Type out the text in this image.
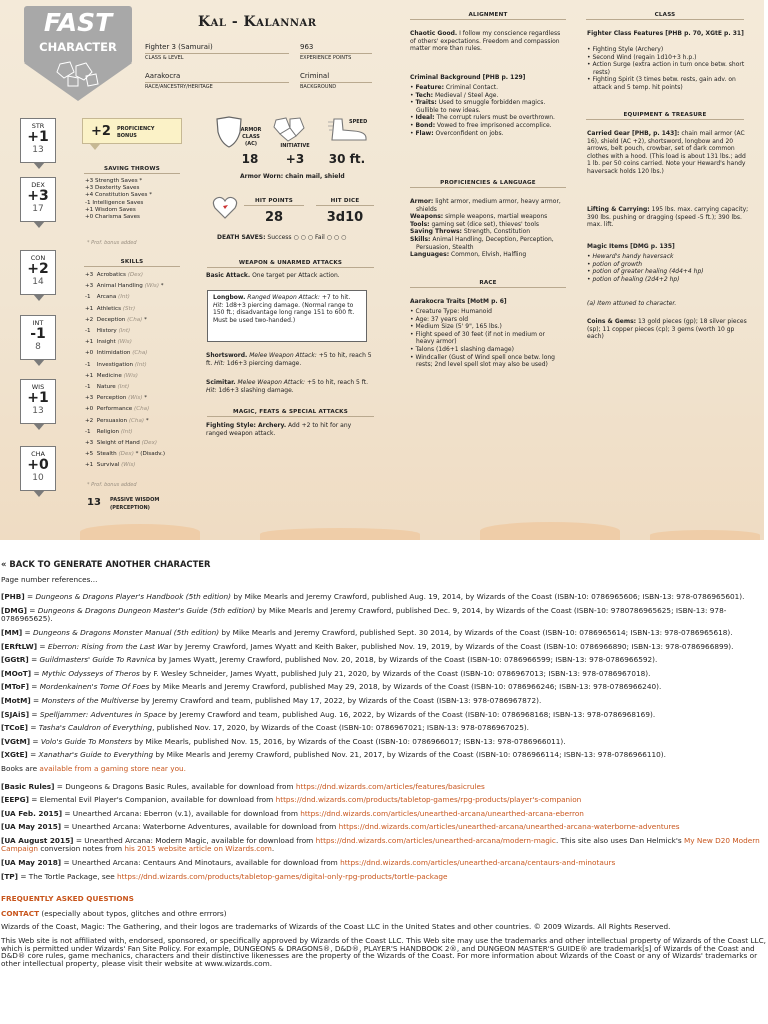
FAST
CHARACTER
Kal - Kalannar
Fighter 3 (Samurai)
CLASS & LEVEL
963
EXPERIENCE POINTS
Aarakocra
RACE/ANCESTRY/HERITAGE
Criminal
BACKGROUND
STR
+1
13
DEX
+3
17
CON
+2
14
INT
-1
8
WIS
+1
13
CHA
+0
10
+2 PROFICIENCY
BONUS
SAVING THROWS
+3 Strength Saves *
+3 Dexterity Saves
+4 Constitution Saves *
-1 Intelligence Saves
+1 Wisdom Saves
+0 Charisma Saves
* Prof. bonus added
SKILLS
+3 Acrobatics (Dex)
+3 Animal Handling (Wis) *
-1 Arcana (Int)
+1 Athletics (Str)
+2 Deception (Cha) *
-1 History (Int)
+1 Insight (Wis)
+0 Intimidation (Cha)
-1 Investigation (Int)
+1 Medicine (Wis)
-1 Nature (Int)
+3 Perception (Wis) *
+0 Performance (Cha)
+2 Persuasion (Cha) *
-1 Religion (Int)
+3 Sleight of Hand (Dex)
+5 Stealth (Dex) * (Disadv.)
+1 Survival (Wis)
* Prof. bonus added
13 PASSIVE WISDOM
(PERCEPTION)
ARMOR
CLASS
(AC)
18
INITIATIVE
+3
SPEED
30 ft.
Armor Worn: chain mail, shield
HIT POINTS
28
HIT DICE
3d10
DEATH SAVES: Success ○ ○ ○ Fail ○ ○ ○
WEAPON & UNARMED ATTACKS
Basic Attack. One target per Attack action.
Longbow. Ranged Weapon Attack: +7 to hit. Hit: 1d8+3 piercing damage. (Normal range to 150 ft.; disadvantage long range 151 to 600 ft. Must be used two-handed.)
Shortsword. Melee Weapon Attack: +5 to hit, reach 5 ft. Hit: 1d6+3 piercing damage.
Scimitar. Melee Weapon Attack: +5 to hit, reach 5 ft. Hit: 1d6+3 slashing damage.
MAGIC, FEATS & SPECIAL ATTACKS
Fighting Style: Archery. Add +2 to hit for any ranged weapon attack.
ALIGNMENT
Chaotic Good. I follow my conscience regardless of others' expectations. Freedom and compassion matter more than rules.
Criminal Background [PHB p. 129]
• Feature: Criminal Contact.
• Tech: Medieval / Steel Age.
• Traits: Used to smuggle forbidden magics. Gullible to new ideas.
• Ideal: The corrupt rulers must be overthrown.
• Bond: Vowed to free imprisoned accomplice.
• Flaw: Overconfident on jobs.
PROFICIENCIES & LANGUAGE
Armor: light armor, medium armor, heavy armor, shields
Weapons: simple weapons, martial weapons
Tools: gaming set (dice set), thieves' tools
Saving Throws: Strength, Constitution
Skills: Animal Handling, Deception, Perception, Persuasion, Stealth
Languages: Common, Elvish, Halfling
RACE
Aarakocra Traits [MotM p. 6]
• Creature Type: Humanoid
• Age: 37 years old
• Medium Size (5' 9", 165 lbs.)
• Flight speed of 30 feet (if not in medium or heavy armor)
• Talons (1d6+1 slashing damage)
• Windcaller (Gust of Wind spell once betw. long rests; 2nd level spell slot may also be used)
CLASS
Fighter Class Features [PHB p. 70, XGtE p. 31]
• Fighting Style (Archery)
• Second Wind (regain 1d10+3 h.p.)
• Action Surge (extra action in turn once betw. short rests)
• Fighting Spirit (3 times betw. rests, gain adv. on attack and 5 temp. hit points)
EQUIPMENT & TREASURE
Carried Gear [PHB, p. 143]: chain mail armor (AC 16), shield (AC +2), shortsword, longbow and 20 arrows, belt pouch, crowbar, set of dark common clothes with a hood. (This load is about 131 lbs.; add 1 lb. per 50 coins carried. Note your Heward's handy haversack holds 120 lbs.)
Lifting & Carrying: 195 lbs. max. carrying capacity; 390 lbs. pushing or dragging (speed -5 ft.); 390 lbs. max. lift.
Magic Items [DMG p. 135]
• Heward's handy haversack
• potion of growth
• potion of greater healing (4d4+4 hp)
• potion of healing (2d4+2 hp)
(a) Item attuned to character.
Coins & Gems: 13 gold pieces (gp); 18 silver pieces (sp); 11 copper pieces (cp); 3 gems (worth 10 gp each)
« BACK TO GENERATE ANOTHER CHARACTER
Page number references...
[PHB] = Dungeons & Dragons Player's Handbook (5th edition) by Mike Mearls and Jeremy Crawford, published Aug. 19, 2014, by Wizards of the Coast (ISBN-10: 0786965606; ISBN-13: 978-0786965601).
[DMG] = Dungeons & Dragons Dungeon Master's Guide (5th edition) by Mike Mearls and Jeremy Crawford, published Dec. 9, 2014, by Wizards of the Coast (ISBN-10: 9780786965625; ISBN-13: 978-0786965625).
[MM] = Dungeons & Dragons Monster Manual (5th edition) by Mike Mearls and Jeremy Crawford, published Sept. 30 2014, by Wizards of the Coast (ISBN-10: 0786965614; ISBN-13: 978-0786965618).
[ERftLW] = Eberron: Rising from the Last War by Jeremy Crawford, James Wyatt and Keith Baker, published Nov. 19, 2019, by Wizards of the Coast (ISBN-10: 0786966890; ISBN-13: 978-0786966899).
[GGtR] = Guildmasters' Guide To Ravnica by James Wyatt, Jeremy Crawford, published Nov. 20, 2018, by Wizards of the Coast (ISBN-10: 0786966599; ISBN-13: 978-0786966592).
[MOoT] = Mythic Odysseys of Theros by F. Wesley Schneider, James Wyatt, published July 21, 2020, by Wizards of the Coast (ISBN-10: 0786967013; ISBN-13: 978-0786967018).
[MToF] = Mordenkainen's Tome Of Foes by Mike Mearls and Jeremy Crawford, published May 29, 2018, by Wizards of the Coast (ISBN-10: 0786966246; ISBN-13: 978-0786966240).
[MotM] = Monsters of the Multiverse by Jeremy Crawford and team, published May 17, 2022, by Wizards of the Coast (ISBN-13: 978-0786967872).
[SJAiS] = Spelljammer: Adventures in Space by Jeremy Crawford and team, published Aug. 16, 2022, by Wizards of the Coast (ISBN-10: 0786968168; ISBN-13: 978-0786968169).
[TCoE] = Tasha's Cauldron of Everything, published Nov. 17, 2020, by Wizards of the Coast (ISBN-10: 0786967021; ISBN-13: 978-0786967025).
[VGtM] = Volo's Guide To Monsters by Mike Mearls, published Nov. 15, 2016, by Wizards of the Coast (ISBN-10: 0786966017; ISBN-13: 978-0786966011).
[XGtE] = Xanathar's Guide to Everything by Mike Mearls and Jeremy Crawford, published Nov. 21, 2017, by Wizards of the Coast (ISBN-10: 0786966114; ISBN-13: 978-0786966110).
Books are available from a gaming store near you.
[Basic Rules] = Dungeons & Dragons Basic Rules, available for download from https://dnd.wizards.com/articles/features/basicrules
[EEPG] = Elemental Evil Player's Companion, available for download from https://dnd.wizards.com/products/tabletop-games/rpg-products/player's-companion
[UA Feb. 2015] = Unearthed Arcana: Eberron (v.1), available for download from https://dnd.wizards.com/articles/unearthed-arcana/unearthed-arcana-eberron
[UA May 2015] = Unearthed Arcana: Waterborne Adventures, available for download from https://dnd.wizards.com/articles/unearthed-arcana/unearthed-arcana-waterborne-adventures
[UA August 2015] = Unearthed Arcana: Modern Magic, available for download from https://dnd.wizards.com/articles/unearthed-arcana/modern-magic. This site also uses Dan Helmick's My New D20 Modern Campaign conversion notes from his 2015 website article on Wizards.com.
[UA May 2018] = Unearthed Arcana: Centaurs And Minotaurs, available for download from https://dnd.wizards.com/articles/unearthed-arcana/centaurs-and-minotaurs
[TP] = The Tortle Package, see https://dnd.wizards.com/products/tabletop-games/digital-only-rpg-products/tortle-package
FREQUENTLY ASKED QUESTIONS
CONTACT (especially about typos, glitches and othre errrors)
Wizards of the Coast, Magic: The Gathering, and their logos are trademarks of Wizards of the Coast LLC in the United States and other countries. © 2009 Wizards. All Rights Reserved.
This Web site is not affiliated with, endorsed, sponsored, or specifically approved by Wizards of the Coast LLC. This Web site may use the trademarks and other intellectual property of Wizards of the Coast LLC, which is permitted under Wizards' Fan Site Policy. For example, DUNGEONS & DRAGONS®, D&D®, PLAYER'S HANDBOOK 2®, and DUNGEON MASTER'S GUIDE® are trademark[s] of Wizards of the Coast and D&D® core rules, game mechanics, characters and their distinctive likenesses are the property of the Wizards of the Coast. For more information about Wizards of the Coast or any of Wizards' trademarks or other intellectual property, please visit their website at www.wizards.com.
